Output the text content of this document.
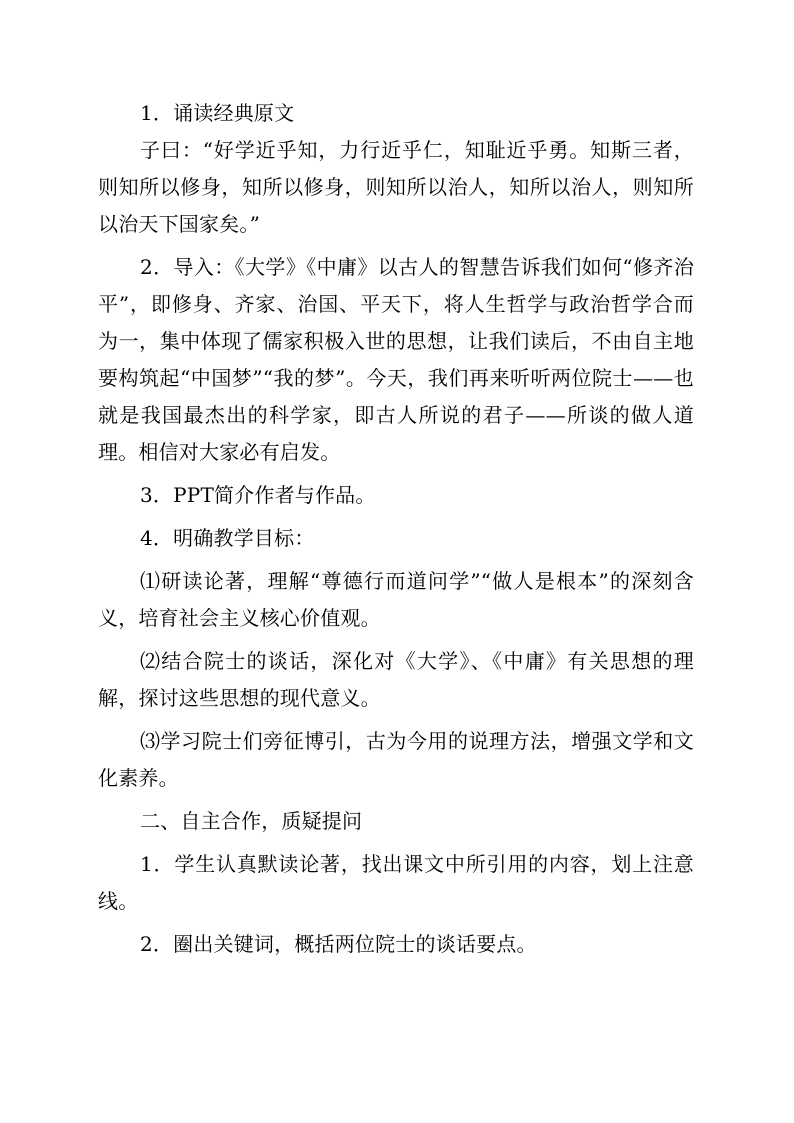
1．诵读经典原文

子曰：“好学近乎知，力行近乎仁，知耻近乎勇。知斯三者，则知所以修身，知所以修身，则知所以治人，知所以治人，则知所以治天下国家矣。”

2．导入：《大学》《中庸》以古人的智慧告诉我们如何“修齐治平”，即修身、齐家、治国、平天下，将人生哲学与政治哲学合而为一，集中体现了儒家积极入世的思想，让我们读后，不由自主地要构筑起“中国梦”“我的梦”。今天，我们再来听听两位院士——也就是我国最杰出的科学家，即古人所说的君子——所谈的做人道理。相信对大家必有启发。

3．PPT简介作者与作品。

4．明确教学目标：

⑴研读论著，理解“尊德行而道问学”“做人是根本”的深刻含义，培育社会主义核心价值观。

⑵结合院士的谈话，深化对《大学》、《中庸》有关思想的理解，探讨这些思想的现代意义。

⑶学习院士们旁征博引，古为今用的说理方法，增强文学和文化素养。

二、自主合作，质疑提问

1．学生认真默读论著，找出课文中所引用的内容，划上注意线。

2．圈出关键词，概括两位院士的谈话要点。
